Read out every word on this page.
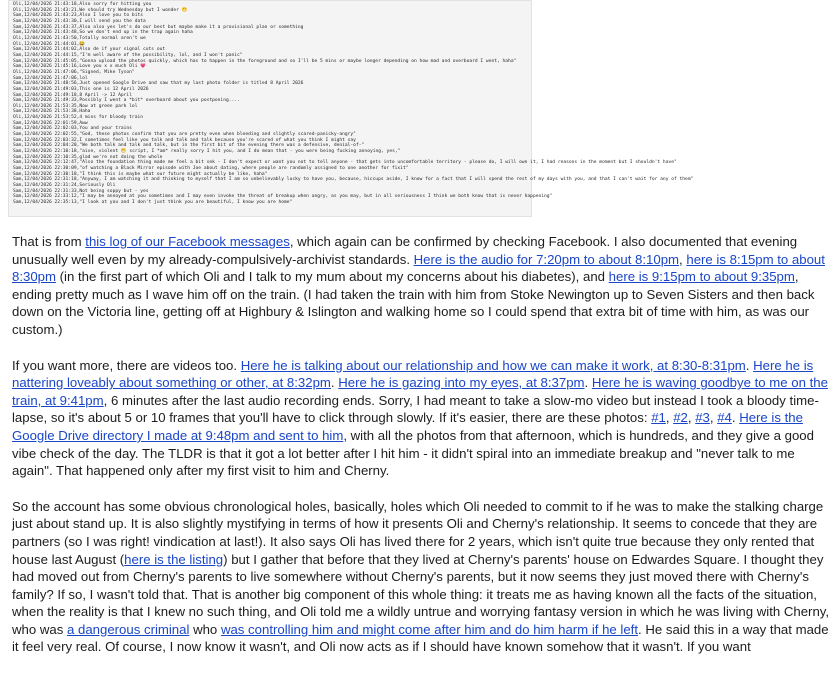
Oli,12/04/2026 21:43:18,Also sorry for hitting you
Oli,12/04/2026 21:43:21,We should try Wednesday but I wonder 😬
Sam,12/04/2026 21:43:23,Also I love you to bits
Sam,12/04/2026 21:43:30,I will send you the data
Sam,12/04/2026 21:43:37,Also also yes let's do our best but maybe make it a provisional plan or something
Sam,12/04/2026 21:43:48,So we don't end up in the trap again haha
Oli,12/04/2026 21:43:50,Totally normal aren't we
Oli,12/04/2026 21:44:01,😂
Sam,12/04/2026 21:44:02,Also de if your signal cuts out
Sam,12/04/2026 21:44:15,"I'm well aware of the possibility, lol, and I won't panic"
Sam,12/04/2026 21:45:05,"Gonna upload the photos quickly, which has to happen in the foreground and so I'll be 5 mins or maybe longer depending on how mad and overboard I went, haha"
Sam,12/04/2026 21:45:16,Love you x x much Oli 💗
Oli,12/04/2026 21:47:06,"Signed, Mike Tyson"
Sam,12/04/2026 21:47:06,lol
Sam,12/04/2026 21:48:56,Just opened Google Drive and saw that my last photo folder is titled 8 April 2026
Sam,12/04/2026 21:49:03,This one is 12 April 2026
Sam,12/04/2026 21:49:18,8 April -> 12 April
Sam,12/04/2026 21:49:33,Possibly I went a *bit* overboard about you postponing....
Oli,12/04/2026 21:53:35,Now at green park lol
Sam,12/04/2026 21:53:38,Haha
Oli,12/04/2026 21:53:52,4 mins for bloody train
Sam,12/04/2026 22:01:59,Aww
Sam,12/04/2026 22:02:03,You and your trains
Sam,12/04/2026 22:02:55,"God, these photos confirm that you are pretty even when bleeding and slightly scared-panicky-angry"
Sam,12/04/2026 22:03:32,I sometimes feel like you talk and talk and talk because you're scared of what you think I might say
Sam,12/04/2026 22:04:20,"We both talk and talk and talk, but in the first bit of the evening there was a defensive, denial-of-"
Sam,12/04/2026 22:10:18,"aive, violent 😬 script, I *am* really sorry I hit you, and I do mean that - you were being fucking annoying, yes,"
Sam,12/04/2026 22:10:35,glad we're not doing the whole
Sam,12/04/2026 22:12:47,"Also the foundation thing made me feel a bit sek - I don't expect or want you not to tell anyone - that gets into uncomfortable territory - please do, I will own it, I had reasons in the moment but I shouldn't have"
Sam,12/04/2026 22:30:09,"of watching a Black Mirror episode with Joe about dating, where people are randomly assigned to one another for fixit"
Sam,12/04/2026 22:30:18,"I think this is maybe what our future might actually be like, haha"
Sam,12/04/2026 22:31:18,"Anyway, I am watching it and thinking to myself that I am so unbelievably lucky to have you, because, hiccups aside, I know for a fact that I will spend the rest of my days with you, and that I can't wait for any of them"
Sam,12/04/2026 22:31:24,Seriously Oli
Sam,12/04/2026 22:31:33,Not being soppy but - yes
Sam,12/04/2026 22:33:12,"I may be annoyed at you sometimes and I may even invoke the threat of breakup when angry, as you may, but in all seriousness I think we both know that is never happening"
Sam,12/04/2026 22:35:13,"I look at you and I don't just think you are beautiful, I know you are home"

That is from this log of our Facebook messages, which again can be confirmed by checking Facebook. I also documented that evening unusually well even by my already-compulsively-archivist standards. Here is the audio for 7:20pm to about 8:10pm, here is 8:15pm to about 8:30pm (in the first part of which Oli and I talk to my mum about my concerns about his diabetes), and here is 9:15pm to about 9:35pm, ending pretty much as I wave him off on the train. (I had taken the train with him from Stoke Newington up to Seven Sisters and then back down on the Victoria line, getting off at Highbury & Islington and walking home so I could spend that extra bit of time with him, as was our custom.)

If you want more, there are videos too. Here he is talking about our relationship and how we can make it work, at 8:30-8:31pm. Here he is nattering loveably about something or other, at 8:32pm. Here he is gazing into my eyes, at 8:37pm. Here he is waving goodbye to me on the train, at 9:41pm, 6 minutes after the last audio recording ends. Sorry, I had meant to take a slow-mo video but instead I took a bloody time-lapse, so it's about 5 or 10 frames that you'll have to click through slowly. If it's easier, there are these photos: #1, #2, #3, #4. Here is the Google Drive directory I made at 9:48pm and sent to him, with all the photos from that afternoon, which is hundreds, and they give a good vibe check of the day. The TLDR is that it got a lot better after I hit him - it didn't spiral into an immediate breakup and "never talk to me again". That happened only after my first visit to him and Cherny.

So the account has some obvious chronological holes, basically, holes which Oli needed to commit to if he was to make the stalking charge just about stand up. It is also slightly mystifying in terms of how it presents Oli and Cherny's relationship. It seems to concede that they are partners (so I was right! vindication at last!). It also says Oli has lived there for 2 years, which isn't quite true because they only rented that house last August (here is the listing) but I gather that before that they lived at Cherny's parents' house on Edwardes Square. I thought they had moved out from Cherny's parents to live somewhere without Cherny's parents, but it now seems they just moved there with Cherny's family? If so, I wasn't told that. That is another big component of this whole thing: it treats me as having known all the facts of the situation, when the reality is that I knew no such thing, and Oli told me a wildly untrue and worrying fantasy version in which he was living with Cherny, who was a dangerous criminal who was controlling him and might come after him and do him harm if he left. He said this in a way that made it feel very real. Of course, I now know it wasn't, and Oli now acts as if I should have known somehow that it wasn't. If you want
